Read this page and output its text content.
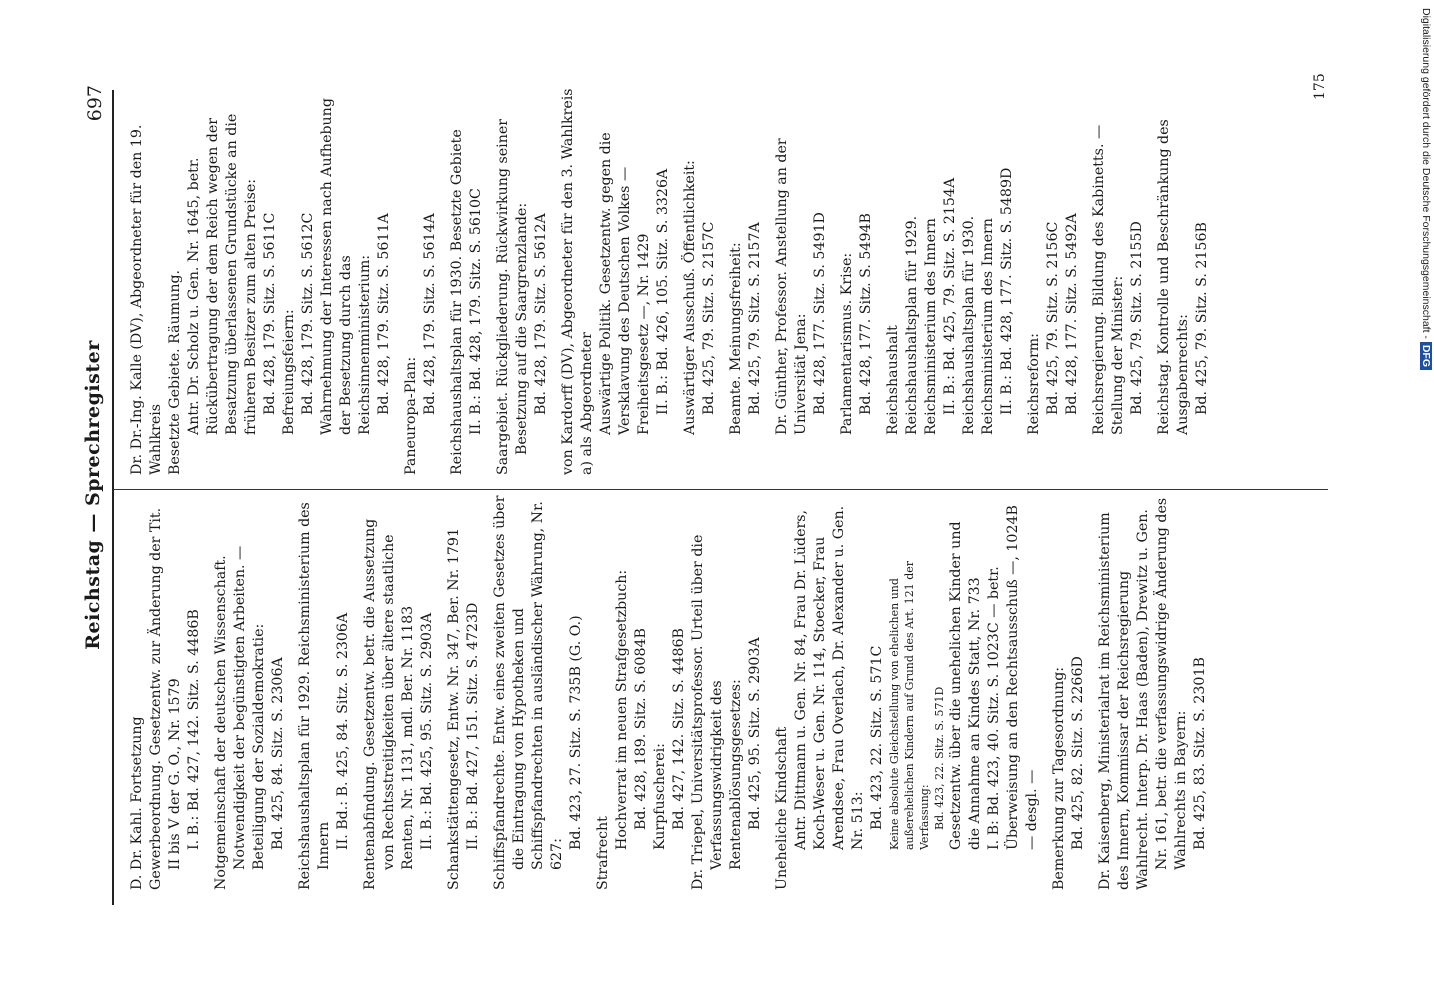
Reichstag — Sprechregister
697

D. Dr. Kahl. Fortsetzung Gewerbeordnung. Gesetzentw. zur Änderung der Tit. II bis V der G. O., Nr. 1579 I. B.: Bd. 427, 142. Sitz. S. 4486B Notgemeinschaft der deutschen Wissenschaft. Notwendigkeit der begünstigten Arbeiten. — Beteiligung der Sozialdemokratie: Bd. 425, 84. Sitz. S. 2306A Reichshaushaltsplan für 1929. Reichsministerium des Innern II. Bd.: B. 425, 84. Sitz. S. 2306A Rentenabfindung. Gesetzentw. betr. die Aussetzung von Rechtsstreitigkeiten über ältere staatliche Renten, Nr. 1131, mdl. Ber. Nr. 1183 II. B.: Bd. 425, 95. Sitz. S. 2903A Schankstättengesetz, Entw. Nr. 347, Ber. Nr. 1791 II. B.: Bd. 427, 151. Sitz. S. 4723D Schiffspfandrechte. Entw. eines zweiten Gesetzes über die Eintragung von Hypotheken und Schiffspfandrechten in ausländischer Währung, Nr. 627:

Bd. 423, 27. Sitz. S. 735B (G. O.)

Strafrecht

Hochverrat im neuen Strafgesetzbuch: Bd. 428, 189. Sitz. S. 6084B Kurpfuscherei: Bd. 427, 142. Sitz. S. 4486B Dr. Triepel, Universitätsprofessor. Urteil über die Verfassungswidrigkeit des Rentenablösungsgesetzes: Bd. 425, 95. Sitz. S. 2903A Uneheliche Kindschaft Antr. Dittmann u. Gen. Nr. 84, Frau Dr. Lüders, Koch-Weser u. Gen. Nr. 114, Stoecker, Frau Arendsee, Frau Overlach, Dr. Alexander u. Gen. Nr. 513: Bd. 423, 22. Sitz. S. 571C Keine absolute Gleichstellung von ehelichen und außerehelichen Kindern auf Grund des Art. 121 der Verfassung: Bd. 423, 22. Sitz. S. 571D Gesetzentw. über die unehelichen Kinder und die Annahme an Kindes Statt, Nr. 733 I. B: Bd. 423, 40. Sitz. S. 1023C — betr. Überweisung an den Rechtsausschuß —, 1024B — desgl. — Bemerkung zur Tagesordnung: Bd. 425, 82. Sitz. S. 2266D Dr. Kaisenberg, Ministerialrat im Reichsministerium des Innern, Kommissar der Reichsregierung Wahlrecht. Interp. Dr. Haas (Baden), Drewitz u. Gen. Nr. 161, betr. die verfassungswidrige Änderung des Wahlrechts in Bayern: Bd. 425, 83. Sitz. S. 2301B

Dr. Dr.-Ing. Kalle (DV), Abgeordneter für den 19. Wahlkreis Besetzte Gebiete. Räumung. Antr. Dr. Scholz u. Gen. Nr. 1645, betr. Rückübertragung der dem Reich wegen der Besatzung überlassenen Grundstücke an die früheren Besitzer zum alten Preise: Bd. 428, 179. Sitz. S. 5611C Befreiungsfeiern: Bd. 428, 179. Sitz. S. 5612C Wahrnehmung der Interessen nach Aufhebung der Besetzung durch das Reichsinnenministerium: Bd. 428, 179. Sitz. S. 5611A

Paneuropa-Plan:

Bd. 428, 179. Sitz. S. 5614A Reichshaushaltsplan für 1930. Besetzte Gebiete II. B.: Bd. 428, 179. Sitz. S. 5610C Saargebiet. Rückgliederung. Rückwirkung seiner Besetzung auf die Saargrenzlande: Bd. 428, 179. Sitz. S. 5612A von Kardorff (DV), Abgeordneter für den 3. Wahlkreis a) als Abgeordneter Auswärtige Politik. Gesetzentw. gegen die Versklavung des Deutschen Volkes — Freiheitsgesetz —, Nr. 1429 II. B.: Bd. 426, 105. Sitz. S. 3326A Auswärtiger Ausschuß. Öffentlichkeit: Bd. 425, 79. Sitz. S. 2157C Beamte. Meinungsfreiheit: Bd. 425, 79. Sitz. S. 2157A Dr. Günther, Professor. Anstellung an der Universität Jena: Bd. 428, 177. Sitz. S. 5491D Parlamentarismus. Krise: Bd. 428, 177. Sitz. S. 5494B Reichshaushalt Reichshaushaltsplan für 1929. Reichsministerium des Innern II. B.: Bd. 425, 79. Sitz. S. 2154A Reichshaushaltsplan für 1930. Reichsministerium des Innern II. B.: Bd. 428, 177. Sitz. S. 5489D Reichsreform: Bd. 425, 79. Sitz. S. 2156C Bd. 428, 177. Sitz. S. 5492A Reichsregierung. Bildung des Kabinetts. — Stellung der Minister: Bd. 425, 79. Sitz. S. 2155D Reichstag. Kontrolle und Beschränkung des Ausgabenrechts: Bd. 425, 79. Sitz. S. 2156B

175	Digitalisierung gefördert durch die Deutsche Forschungsgemeinschaft - DFG
